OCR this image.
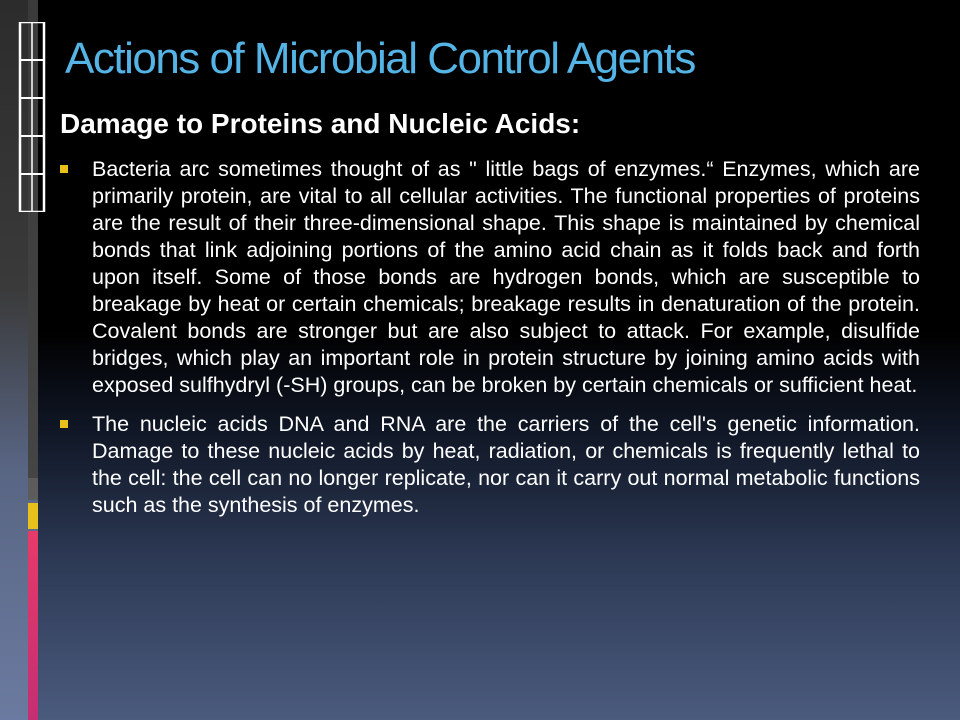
Actions of Microbial Control Agents
Damage to Proteins and Nucleic Acids:
Bacteria arc sometimes thought of as " little bags of enzymes.“ Enzymes, which are primarily protein, are vital to all cellular activities. The functional properties of proteins are the result of their three-dimensional shape. This shape is maintained by chemical bonds that link adjoining portions of the amino acid chain as it folds back and forth upon itself. Some of those bonds are hydrogen bonds, which are susceptible to breakage by heat or certain chemicals; breakage results in denaturation of the protein. Covalent bonds are stronger but are also subject to attack. For example, disulfide bridges, which play an important role in protein structure by joining amino acids with exposed sulfhydryl (-SH) groups, can be broken by certain chemicals or sufficient heat.
The nucleic acids DNA and RNA are the carriers of the cell's genetic information. Damage to these nucleic acids by heat, radiation, or chemicals is frequently lethal to the cell: the cell can no longer replicate, nor can it carry out normal metabolic functions such as the synthesis of enzymes.
